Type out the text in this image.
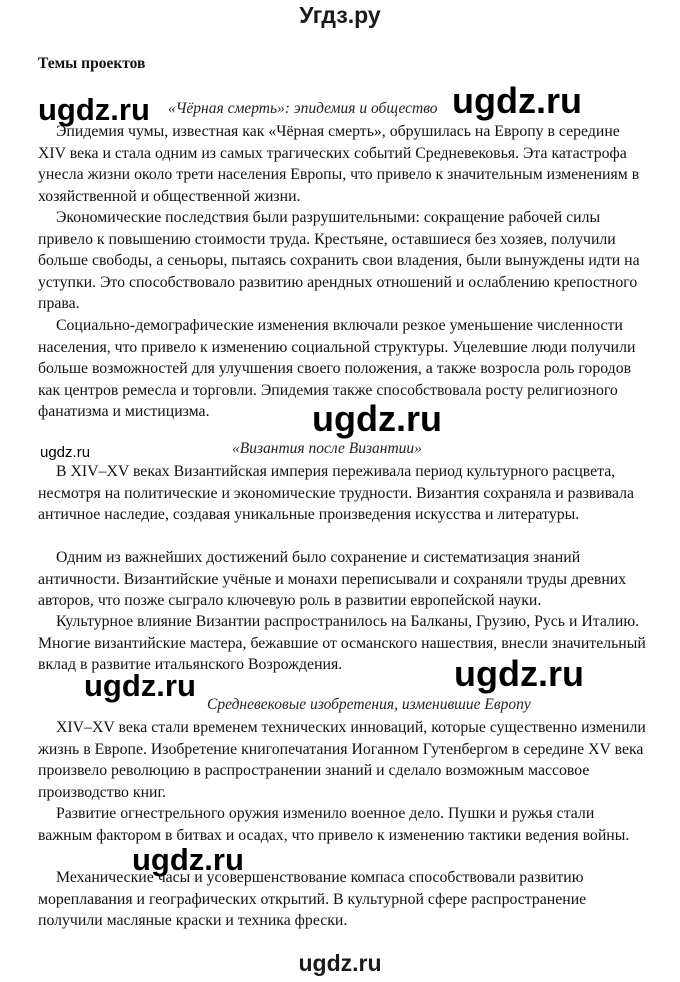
Угдз.ру
Темы проектов
«Чёрная смерть»: эпидемия и общество

Эпидемия чумы, известная как «Чёрная смерть», обрушилась на Европу в середине XIV века и стала одним из самых трагических событий Средневековья. Эта катастрофа унесла жизни около трети населения Европы, что привело к значительным изменениям в хозяйственной и общественной жизни.

Экономические последствия были разрушительными: сокращение рабочей силы привело к повышению стоимости труда. Крестьяне, оставшиеся без хозяев, получили больше свободы, а сеньоры, пытаясь сохранить свои владения, были вынуждены идти на уступки. Это способствовало развитию арендных отношений и ослаблению крепостного права.

Социально-демографические изменения включали резкое уменьшение численности населения, что привело к изменению социальной структуры. Уцелевшие люди получили больше возможностей для улучшения своего положения, а также возросла роль городов как центров ремесла и торговли. Эпидемия также способствовала росту религиозного фанатизма и мистицизма.

«Византия после Византии»

В XIV–XV веках Византийская империя переживала период культурного расцвета, несмотря на политические и экономические трудности. Византия сохраняла и развивала античное наследие, создавая уникальные произведения искусства и литературы.

Одним из важнейших достижений было сохранение и систематизация знаний античности. Византийские учёные и монахи переписывали и сохраняли труды древних авторов, что позже сыграло ключевую роль в развитии европейской науки.

Культурное влияние Византии распространилось на Балканы, Грузию, Русь и Италию. Многие византийские мастера, бежавшие от османского нашествия, внесли значительный вклад в развитие итальянского Возрождения.

Средневековые изобретения, изменившие Европу

XIV–XV века стали временем технических инноваций, которые существенно изменили жизнь в Европе. Изобретение книгопечатания Иоганном Гутенбергом в середине XV века произвело революцию в распространении знаний и сделало возможным массовое производство книг.

Развитие огнестрельного оружия изменило военное дело. Пушки и ружья стали важным фактором в битвах и осадах, что привело к изменению тактики ведения войны.

Механические часы и усовершенствование компаса способствовали развитию мореплавания и географических открытий. В культурной сфере распространение получили масляные краски и техника фрески.

ugdz.ru	ugdz.ru
ugdz.ru
ugdz.ru
ugdz.ru	ugdz.ru
ugdz.ru
ugdz.ru
